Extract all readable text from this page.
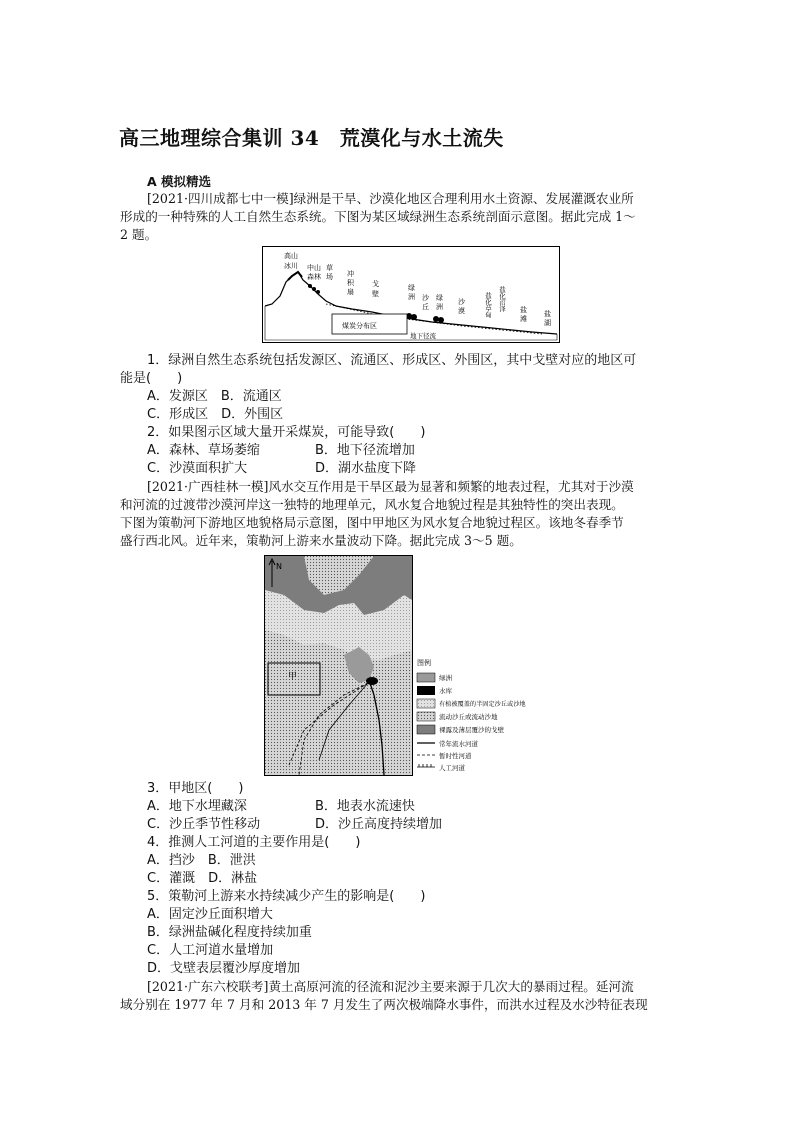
高三地理综合集训 34　荒漠化与水土流失
A 模拟精选
[2021·四川成都七中一模]绿洲是干旱、沙漠化地区合理利用水土资源、发展灌溉农业所
形成的一种特殊的人工自然生态系统。下图为某区域绿洲生态系统剖面示意图。据此完成 1～
2 题。
煤炭分布区
地下径流
高山
冰川 中山
森林
草
场 冲
积
扇
戈
壁
绿
洲 沙
丘
绿
洲
沙
漠	盐化草甸 盐化沼泽 盐
滩
盐
湖
1．绿洲自然生态系统包括发源区、流通区、形成区、外围区，其中戈壁对应的地区可
能是(　　)
A．发源区　B．流通区
C．形成区　D．外围区
2．如果图示区域大量开采煤炭，可能导致(　　)
A．森林、草场萎缩	B．地下径流增加
C．沙漠面积扩大	D．湖水盐度下降
[2021·广西桂林一模]风水交互作用是干旱区最为显著和频繁的地表过程，尤其对于沙漠
和河流的过渡带沙漠河岸这一独特的地理单元，风水复合地貌过程是其独特性的突出表现。
下图为策勒河下游地区地貌格局示意图，图中甲地区为风水复合地貌过程区。该地冬春季节
盛行西北风。近年来，策勒河上游来水量波动下降。据此完成 3～5 题。
甲
N
图例
绿洲
水库
有植被覆盖的半固定沙丘或沙地
流动沙丘或流动沙地
裸露及薄层覆沙的戈壁
常年流水河道
暂时性河道
人工河道
3．甲地区(　　)
A．地下水埋藏深	B．地表水流速快
C．沙丘季节性移动	D．沙丘高度持续增加
4．推测人工河道的主要作用是(　　)
A．挡沙　B．泄洪
C．灌溉　D．淋盐
5．策勒河上游来水持续减少产生的影响是(　　)
A．固定沙丘面积增大
B．绿洲盐碱化程度持续加重
C．人工河道水量增加
D．戈壁表层覆沙厚度增加
[2021·广东六校联考]黄土高原河流的径流和泥沙主要来源于几次大的暴雨过程。延河流
域分别在 1977 年 7 月和 2013 年 7 月发生了两次极端降水事件，而洪水过程及水沙特征表现
